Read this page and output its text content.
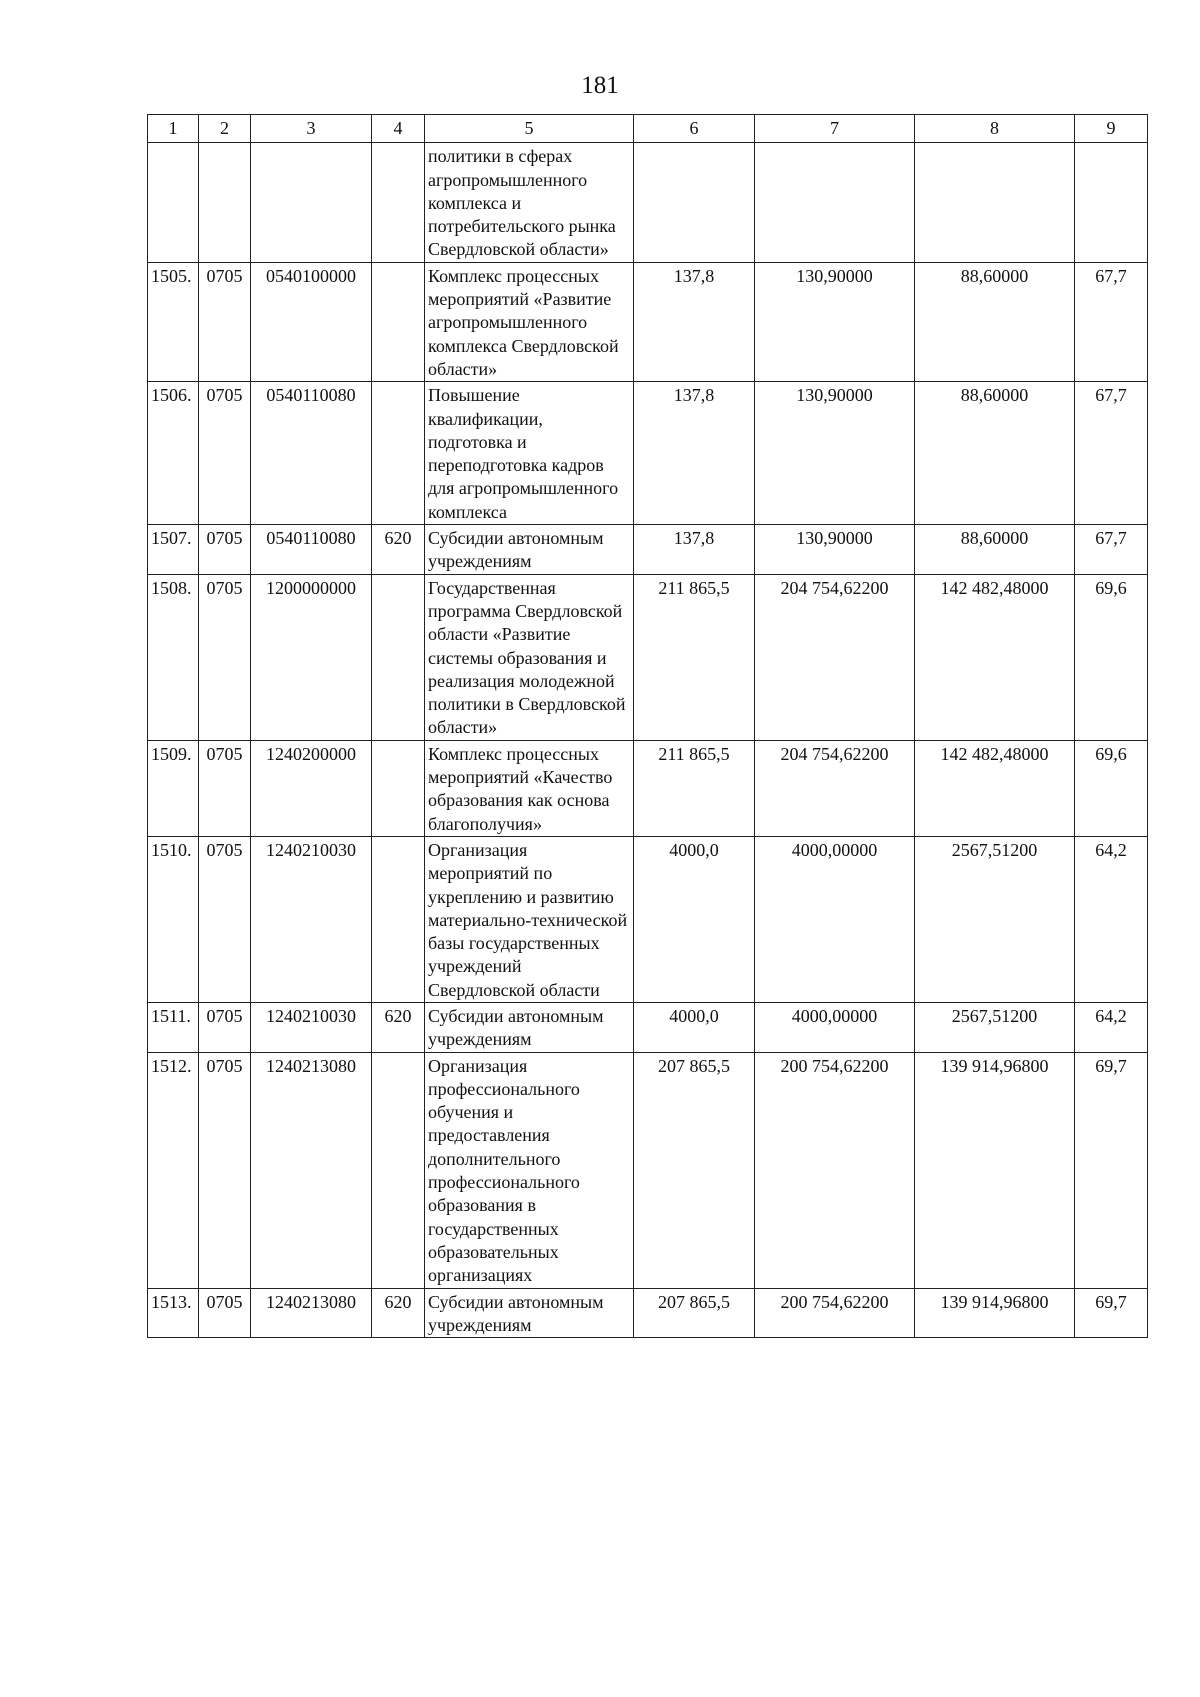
181
1	2	3	4	5	6	7	8	9
				политики в сферах агропромышленного комплекса и потребительского рынка Свердловской области»				
1505.	0705	0540100000		Комплекс процессных мероприятий «Развитие агропромышленного комплекса Свердловской области»	137,8	130,90000	88,60000	67,7
1506.	0705	0540110080		Повышение квалификации, подготовка и переподготовка кадров для агропромышленного комплекса	137,8	130,90000	88,60000	67,7
1507.	0705	0540110080	620	Субсидии автономным учреждениям	137,8	130,90000	88,60000	67,7
1508.	0705	1200000000		Государственная программа Свердловской области «Развитие системы образования и реализация молодежной политики в Свердловской области»	211 865,5	204 754,62200	142 482,48000	69,6
1509.	0705	1240200000		Комплекс процессных мероприятий «Качество образования как основа благополучия»	211 865,5	204 754,62200	142 482,48000	69,6
1510.	0705	1240210030		Организация мероприятий по укреплению и развитию материально-технической базы государственных учреждений Свердловской области	4000,0	4000,00000	2567,51200	64,2
1511.	0705	1240210030	620	Субсидии автономным учреждениям	4000,0	4000,00000	2567,51200	64,2
1512.	0705	1240213080		Организация профессионального обучения и предоставления дополнительного профессионального образования в государственных образовательных организациях	207 865,5	200 754,62200	139 914,96800	69,7
1513.	0705	1240213080	620	Субсидии автономным учреждениям	207 865,5	200 754,62200	139 914,96800	69,7
